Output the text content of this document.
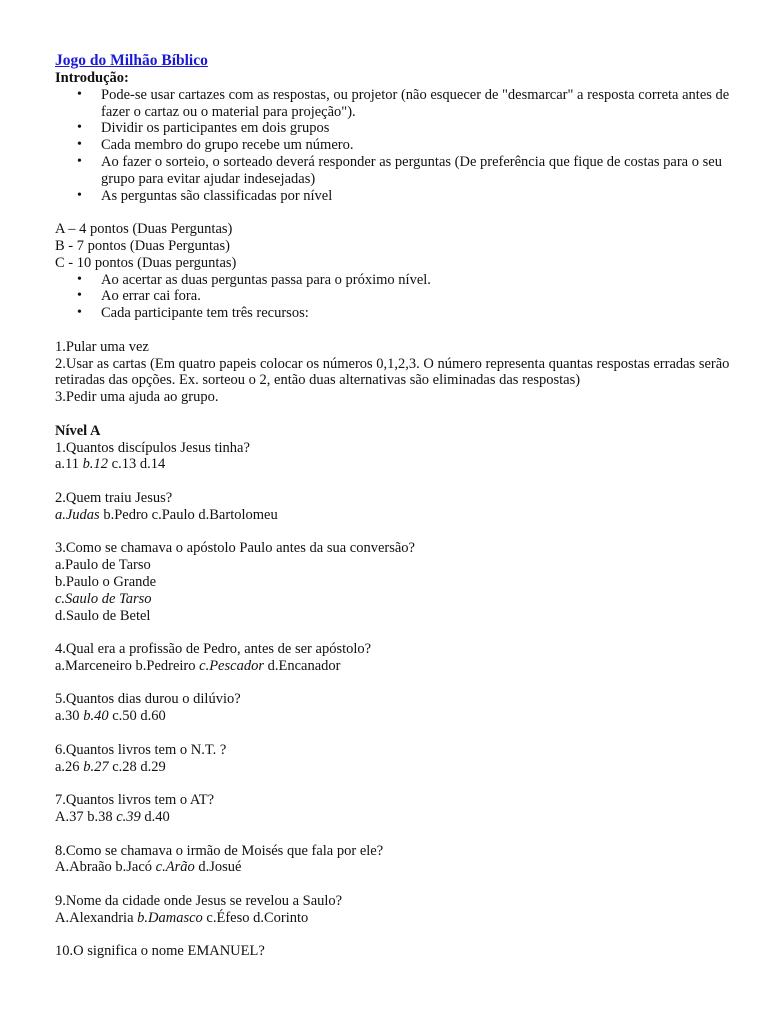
Jogo do Milhão Bíblico
Introdução:
• Pode-se usar cartazes com as respostas, ou projetor (não esquecer de "desmarcar" a resposta correta antes de fazer o cartaz ou o material para projeção").
• Dividir os participantes em dois grupos
• Cada membro do grupo recebe um número.
• Ao fazer o sorteio, o sorteado deverá responder as perguntas (De preferência que fique de costas para o seu grupo para evitar ajudar indesejadas)
• As perguntas são classificadas por nível
A – 4 pontos (Duas Perguntas)
B - 7 pontos (Duas Perguntas)
C - 10 pontos (Duas perguntas)
• Ao acertar as duas perguntas passa para o próximo nível.
• Ao errar cai fora.
• Cada participante tem três recursos:
1.Pular uma vez
2.Usar as cartas (Em quatro papeis colocar os números 0,1,2,3. O número representa quantas respostas erradas serão retiradas das opções. Ex. sorteou o 2, então duas alternativas são eliminadas das respostas)
3.Pedir uma ajuda ao grupo.
Nível A
1.Quantos discípulos Jesus tinha?
a.11 b.12 c.13 d.14
2.Quem traiu Jesus?
a.Judas b.Pedro c.Paulo d.Bartolomeu
3.Como se chamava o apóstolo Paulo antes da sua conversão?
a.Paulo de Tarso
b.Paulo o Grande
c.Saulo de Tarso
d.Saulo de Betel
4.Qual era a profissão de Pedro, antes de ser apóstolo?
a.Marceneiro b.Pedreiro c.Pescador d.Encanador
5.Quantos dias durou o dilúvio?
a.30 b.40 c.50 d.60
6.Quantos livros tem o N.T. ?
a.26 b.27 c.28 d.29
7.Quantos livros tem o AT?
A.37 b.38 c.39 d.40
8.Como se chamava o irmão de Moisés que fala por ele?
A.Abraão b.Jacó c.Arão d.Josué
9.Nome da cidade onde Jesus se revelou a Saulo?
A.Alexandria b.Damasco c.Éfeso d.Corinto
10.O significa o nome EMANUEL?
